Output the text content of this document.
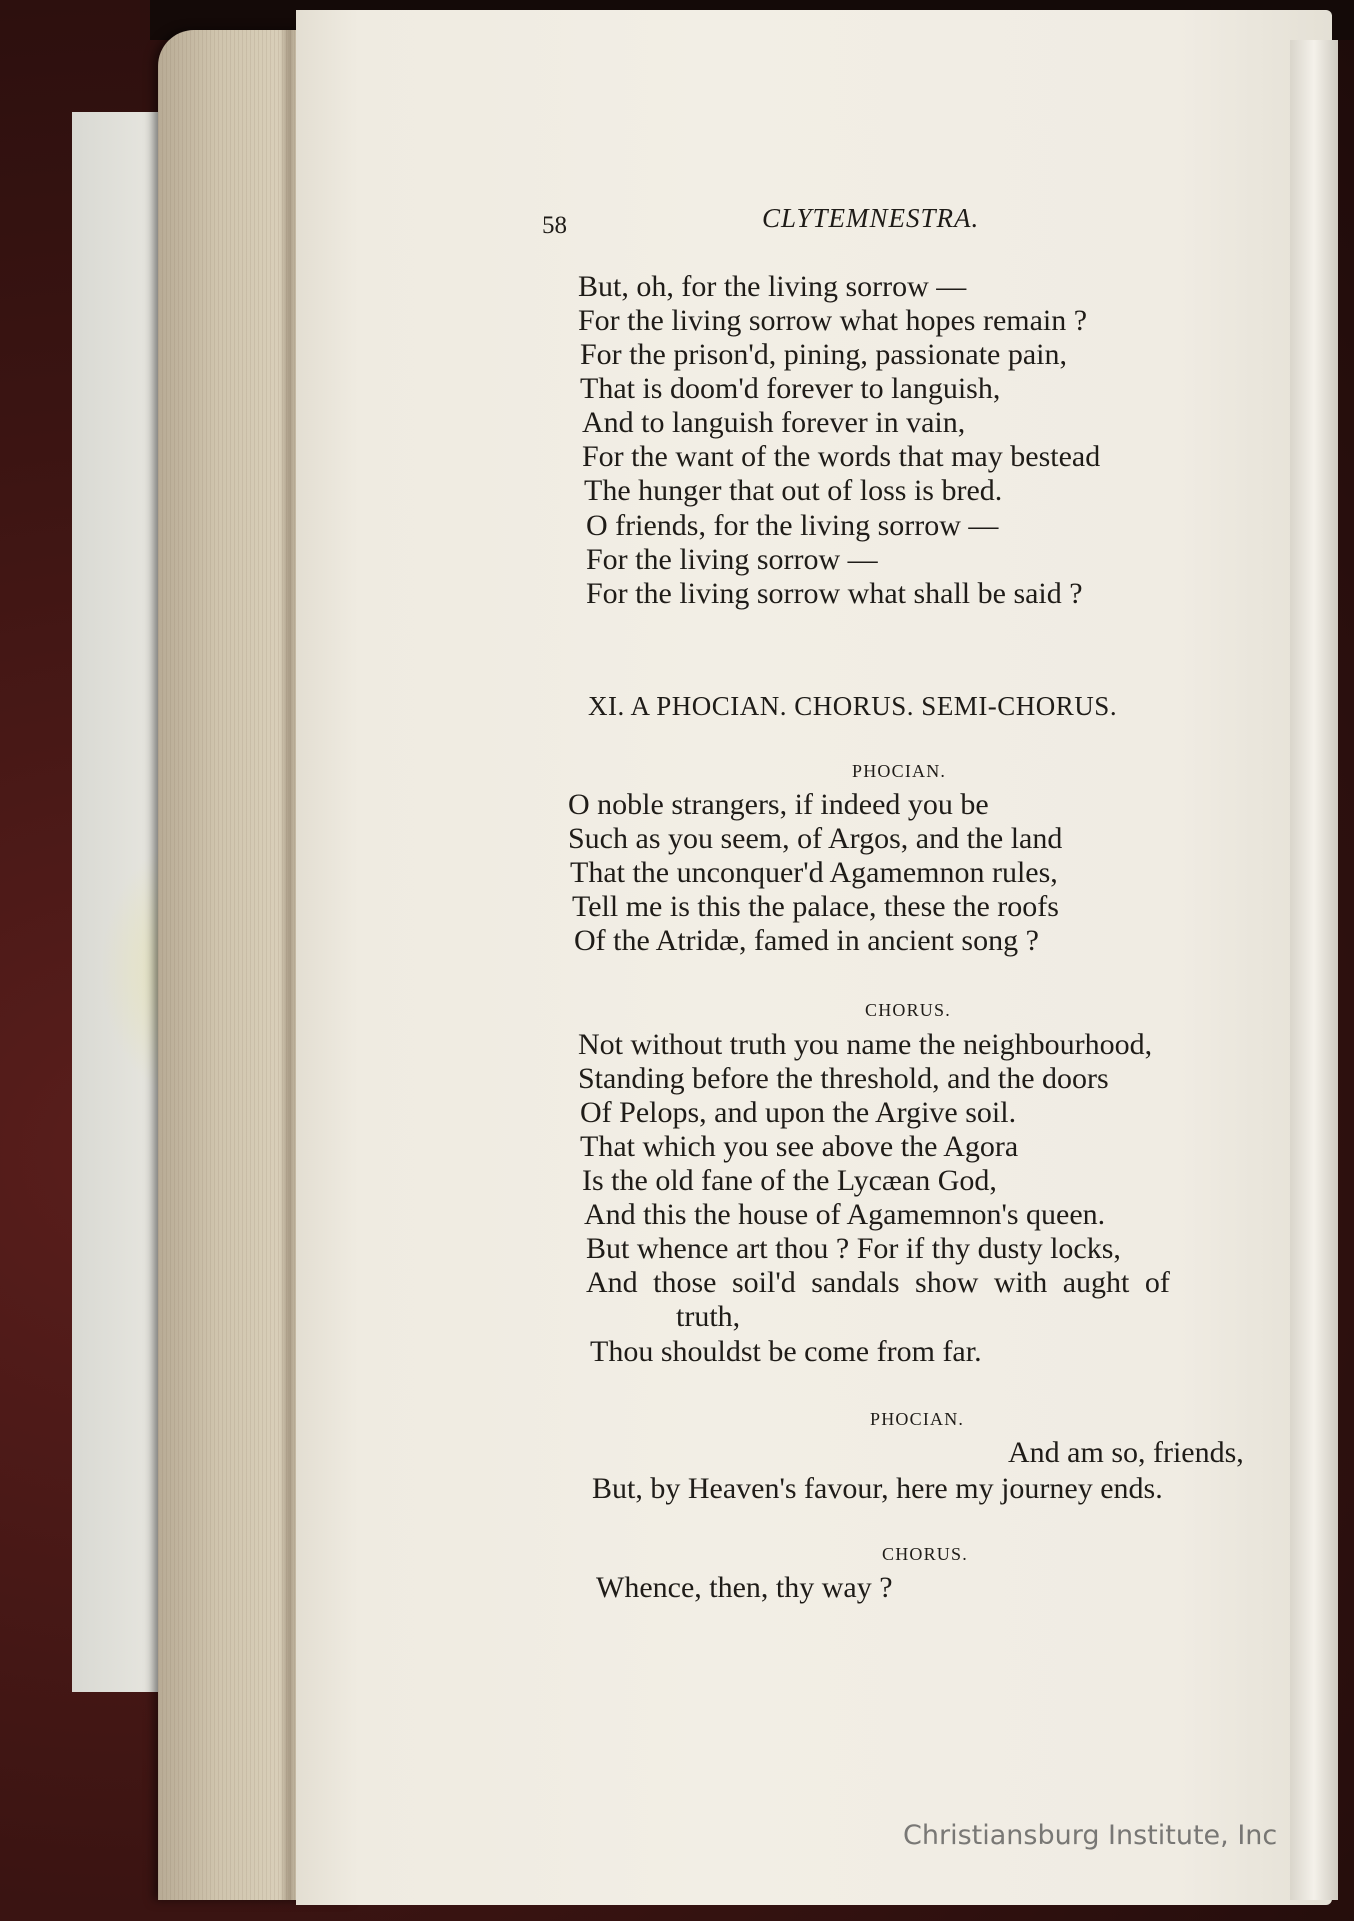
58	CLYTEMNESTRA.
But, oh, for the living sorrow —
For the living sorrow what hopes remain ?
For the prison'd, pining, passionate pain,
That is doom'd forever to languish,
And to languish forever in vain,
For the want of the words that may bestead
The hunger that out of loss is bred.
O friends, for the living sorrow —
For the living sorrow —
For the living sorrow what shall be said ?
XI. A PHOCIAN. CHORUS. SEMI-CHORUS.
PHOCIAN.
O noble strangers, if indeed you be
Such as you seem, of Argos, and the land
That the unconquer'd Agamemnon rules,
Tell me is this the palace, these the roofs
Of the Atridæ, famed in ancient song ?
CHORUS.
Not without truth you name the neighbourhood,
Standing before the threshold, and the doors
Of Pelops, and upon the Argive soil.
That which you see above the Agora
Is the old fane of the Lycæan God,
And this the house of Agamemnon's queen.
But whence art thou ? For if thy dusty locks,
And those soil'd sandals show with aught of
truth,
Thou shouldst be come from far.
PHOCIAN.
And am so, friends,
But, by Heaven's favour, here my journey ends.
CHORUS.
Whence, then, thy way ?
Christiansburg Institute, Inc
